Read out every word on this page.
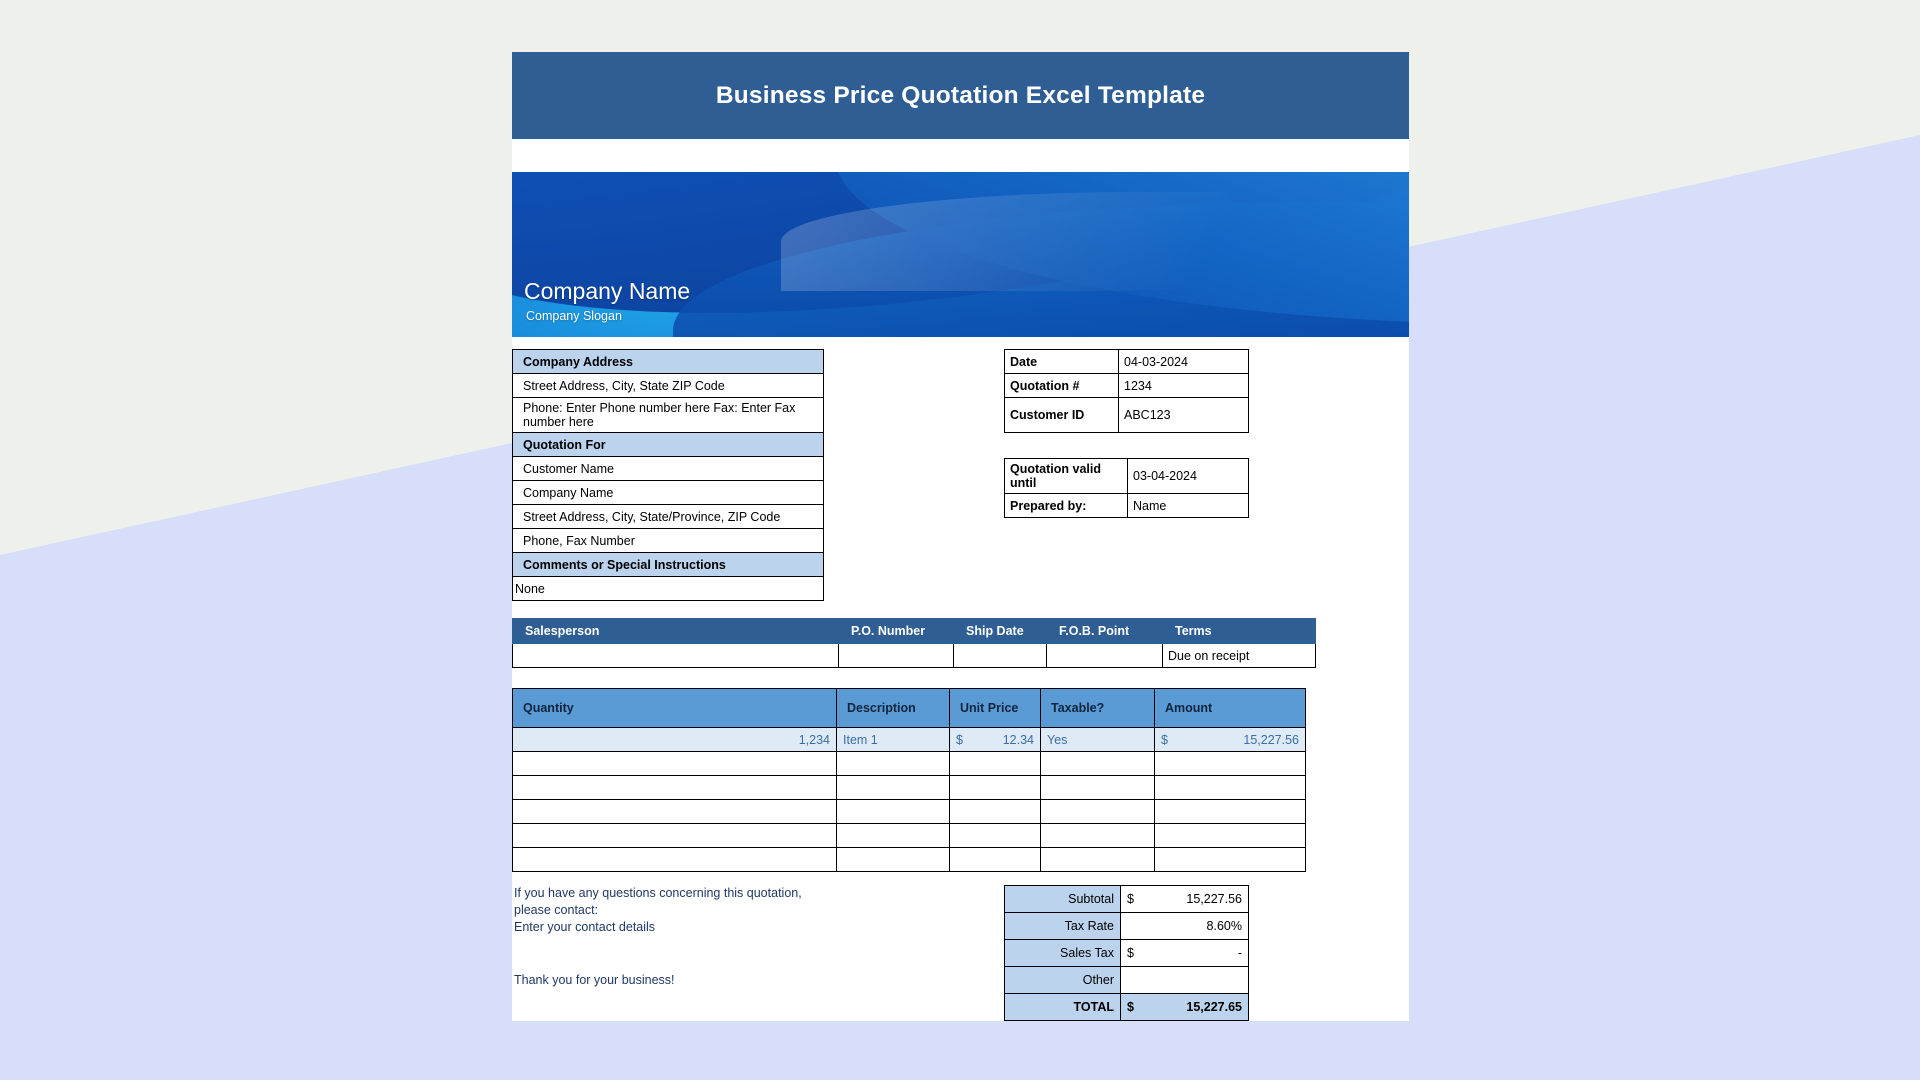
Business Price Quotation Excel Template
Company Name
Company Slogan
Company Address
Street Address, City, State ZIP Code
Phone: Enter Phone number here Fax: Enter Fax number here
Quotation For
Customer Name
Company Name
Street Address, City, State/Province, ZIP Code
Phone, Fax Number
Comments or Special Instructions
None
Date	04-03-2024
Quotation #	1234
Customer ID	ABC123
Quotation valid until	03-04-2024
Prepared by:	Name
Salesperson	P.O. Number	Ship Date	F.O.B. Point	Terms
				Due on receipt
Quantity	Description	Unit Price	Taxable?	Amount
1,234	Item 1	$ 12.34	Yes	$ 15,227.56

If you have any questions concerning this quotation,

please contact:

Enter your contact details

Thank you for your business!

Subtotal	$ 15,227.56
Tax Rate	8.60%
Sales Tax	$ -
Other	
TOTAL	$ 15,227.65
